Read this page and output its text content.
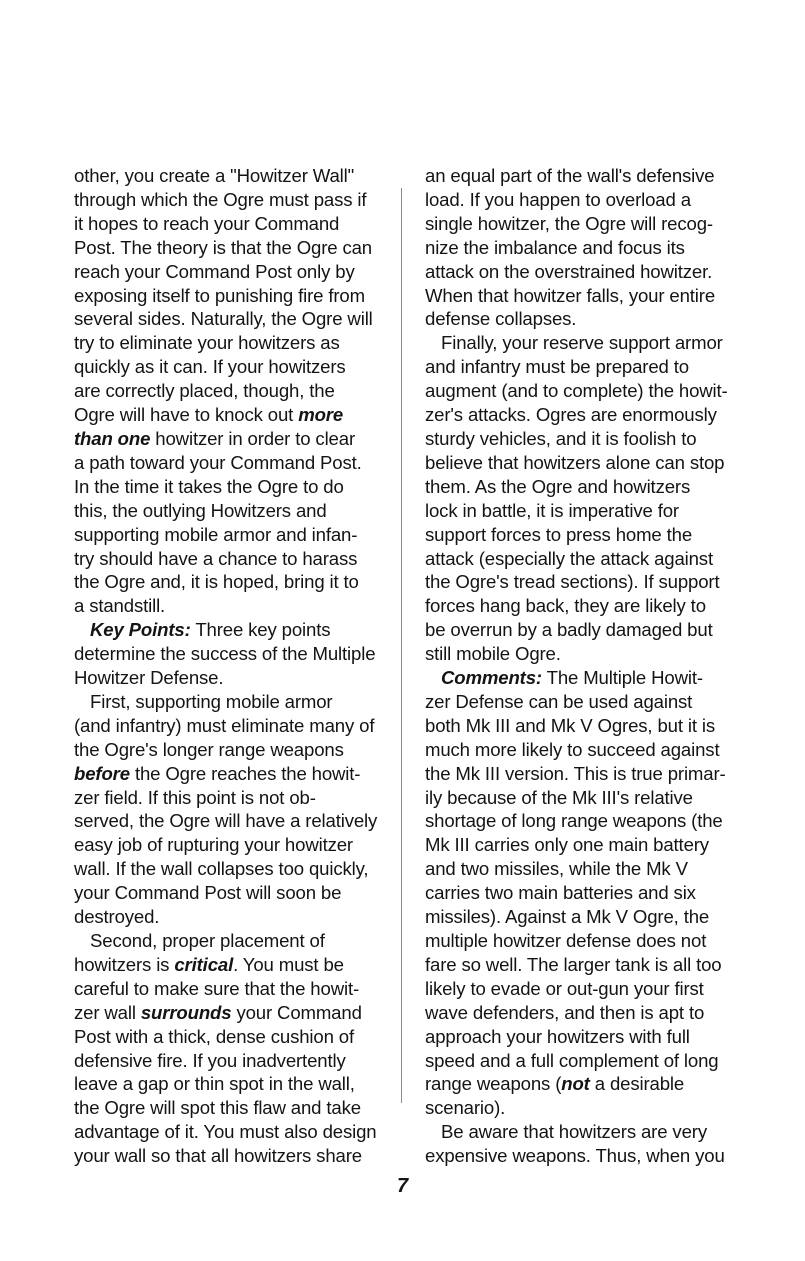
other, you create a "Howitzer Wall"
through which the Ogre must pass if
it hopes to reach your Command
Post. The theory is that the Ogre can
reach your Command Post only by
exposing itself to punishing fire from
several sides. Naturally, the Ogre will
try to eliminate your howitzers as
quickly as it can. If your howitzers
are correctly placed, though, the
Ogre will have to knock out more
than one howitzer in order to clear
a path toward your Command Post.
In the time it takes the Ogre to do
this, the outlying Howitzers and
supporting mobile armor and infan-
try should have a chance to harass
the Ogre and, it is hoped, bring it to
a standstill.
Key Points: Three key points
determine the success of the Multiple
Howitzer Defense.
First, supporting mobile armor
(and infantry) must eliminate many of
the Ogre's longer range weapons
before the Ogre reaches the howit-
zer field. If this point is not ob-
served, the Ogre will have a relatively
easy job of rupturing your howitzer
wall. If the wall collapses too quickly,
your Command Post will soon be
destroyed.
Second, proper placement of
howitzers is critical. You must be
careful to make sure that the howit-
zer wall surrounds your Command
Post with a thick, dense cushion of
defensive fire. If you inadvertently
leave a gap or thin spot in the wall,
the Ogre will spot this flaw and take
advantage of it. You must also design
your wall so that all howitzers share
an equal part of the wall's defensive
load. If you happen to overload a
single howitzer, the Ogre will recog-
nize the imbalance and focus its
attack on the overstrained howitzer.
When that howitzer falls, your entire
defense collapses.
Finally, your reserve support armor
and infantry must be prepared to
augment (and to complete) the howit-
zer's attacks. Ogres are enormously
sturdy vehicles, and it is foolish to
believe that howitzers alone can stop
them. As the Ogre and howitzers
lock in battle, it is imperative for
support forces to press home the
attack (especially the attack against
the Ogre's tread sections). If support
forces hang back, they are likely to
be overrun by a badly damaged but
still mobile Ogre.
Comments: The Multiple Howit-
zer Defense can be used against
both Mk III and Mk V Ogres, but it is
much more likely to succeed against
the Mk III version. This is true primar-
ily because of the Mk III's relative
shortage of long range weapons (the
Mk III carries only one main battery
and two missiles, while the Mk V
carries two main batteries and six
missiles). Against a Mk V Ogre, the
multiple howitzer defense does not
fare so well. The larger tank is all too
likely to evade or out-gun your first
wave defenders, and then is apt to
approach your howitzers with full
speed and a full complement of long
range weapons (not a desirable
scenario).
Be aware that howitzers are very
expensive weapons. Thus, when you
7
